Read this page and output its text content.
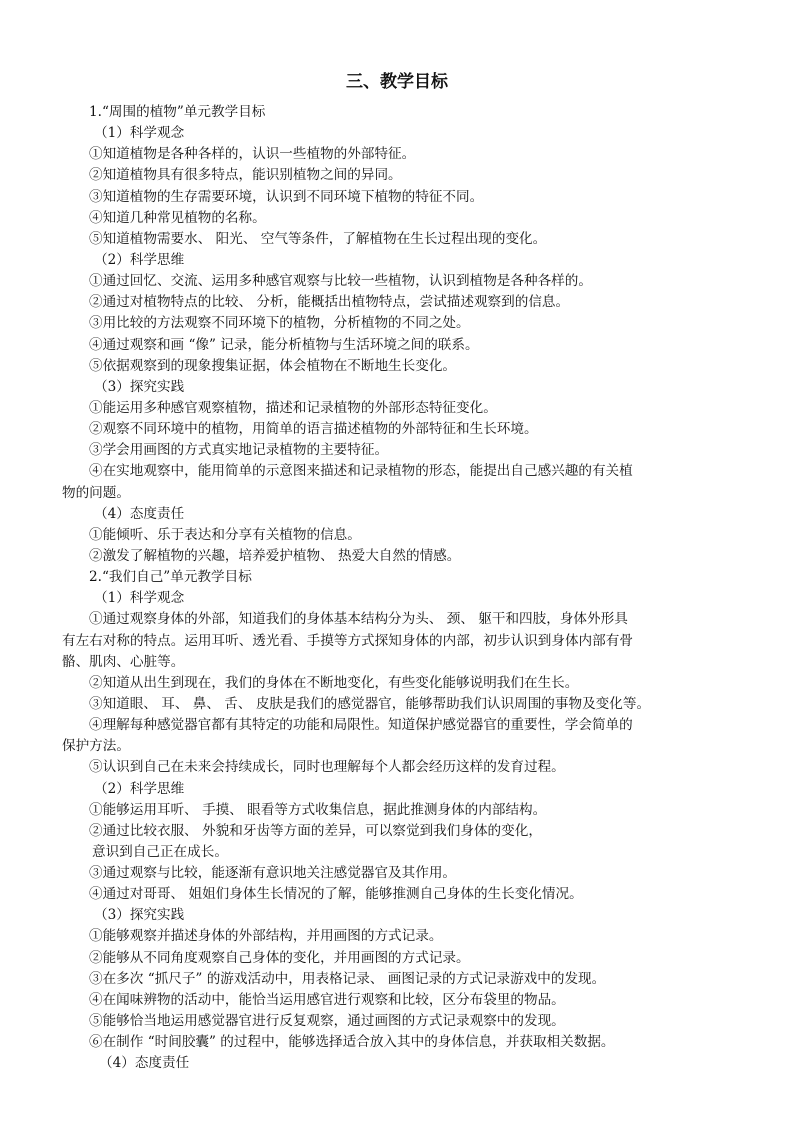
三、教学目标
1.“周围的植物”单元教学目标
（1）科学观念
①知道植物是各种各样的，认识一些植物的外部特征。
②知道植物具有很多特点，能识别植物之间的异同。
③知道植物的生存需要环境，认识到不同环境下植物的特征不同。
④知道几种常见植物的名称。
⑤知道植物需要水、 阳光、 空气等条件，了解植物在生长过程出现的变化。
（2）科学思维
①通过回忆、交流、运用多种感官观察与比较一些植物，认识到植物是各种各样的。
②通过对植物特点的比较、 分析，能概括出植物特点，尝试描述观察到的信息。
③用比较的方法观察不同环境下的植物，分析植物的不同之处。
④通过观察和画 “像” 记录，能分析植物与生活环境之间的联系。
⑤依据观察到的现象搜集证据，体会植物在不断地生长变化。
（3）探究实践
①能运用多种感官观察植物，描述和记录植物的外部形态特征变化。
②观察不同环境中的植物，用简单的语言描述植物的外部特征和生长环境。
③学会用画图的方式真实地记录植物的主要特征。
④在实地观察中，能用简单的示意图来描述和记录植物的形态，能提出自己感兴趣的有关植
物的问题。
（4）态度责任
①能倾听、乐于表达和分享有关植物的信息。
②激发了解植物的兴趣，培养爱护植物、 热爱大自然的情感。
2.“我们自己”单元教学目标
（1）科学观念
①通过观察身体的外部，知道我们的身体基本结构分为头、 颈、 躯干和四肢，身体外形具
有左右对称的特点。运用耳听、透光看、手摸等方式探知身体的内部，初步认识到身体内部有骨
骼、肌肉、心脏等。
②知道从出生到现在，我们的身体在不断地变化，有些变化能够说明我们在生长。
③知道眼、 耳、 鼻、 舌、 皮肤是我们的感觉器官，能够帮助我们认识周围的事物及变化等。
④理解每种感觉器官都有其特定的功能和局限性。知道保护感觉器官的重要性，学会简单的
保护方法。
⑤认识到自己在未来会持续成长，同时也理解每个人都会经历这样的发育过程。
（2）科学思维
①能够运用耳听、 手摸、 眼看等方式收集信息，据此推测身体的内部结构。
②通过比较衣服、 外貌和牙齿等方面的差异，可以察觉到我们身体的变化，
意识到自己正在成长。
③通过观察与比较，能逐渐有意识地关注感觉器官及其作用。
④通过对哥哥、 姐姐们身体生长情况的了解，能够推测自己身体的生长变化情况。
（3）探究实践
①能够观察并描述身体的外部结构，并用画图的方式记录。
②能够从不同角度观察自己身体的变化，并用画图的方式记录。
③在多次 “抓尺子” 的游戏活动中，用表格记录、 画图记录的方式记录游戏中的发现。
④在闻味辨物的活动中，能恰当运用感官进行观察和比较，区分布袋里的物品。
⑤能够恰当地运用感觉器官进行反复观察，通过画图的方式记录观察中的发现。
⑥在制作 “时间胶囊” 的过程中，能够选择适合放入其中的身体信息，并获取相关数据。
（4）态度责任
